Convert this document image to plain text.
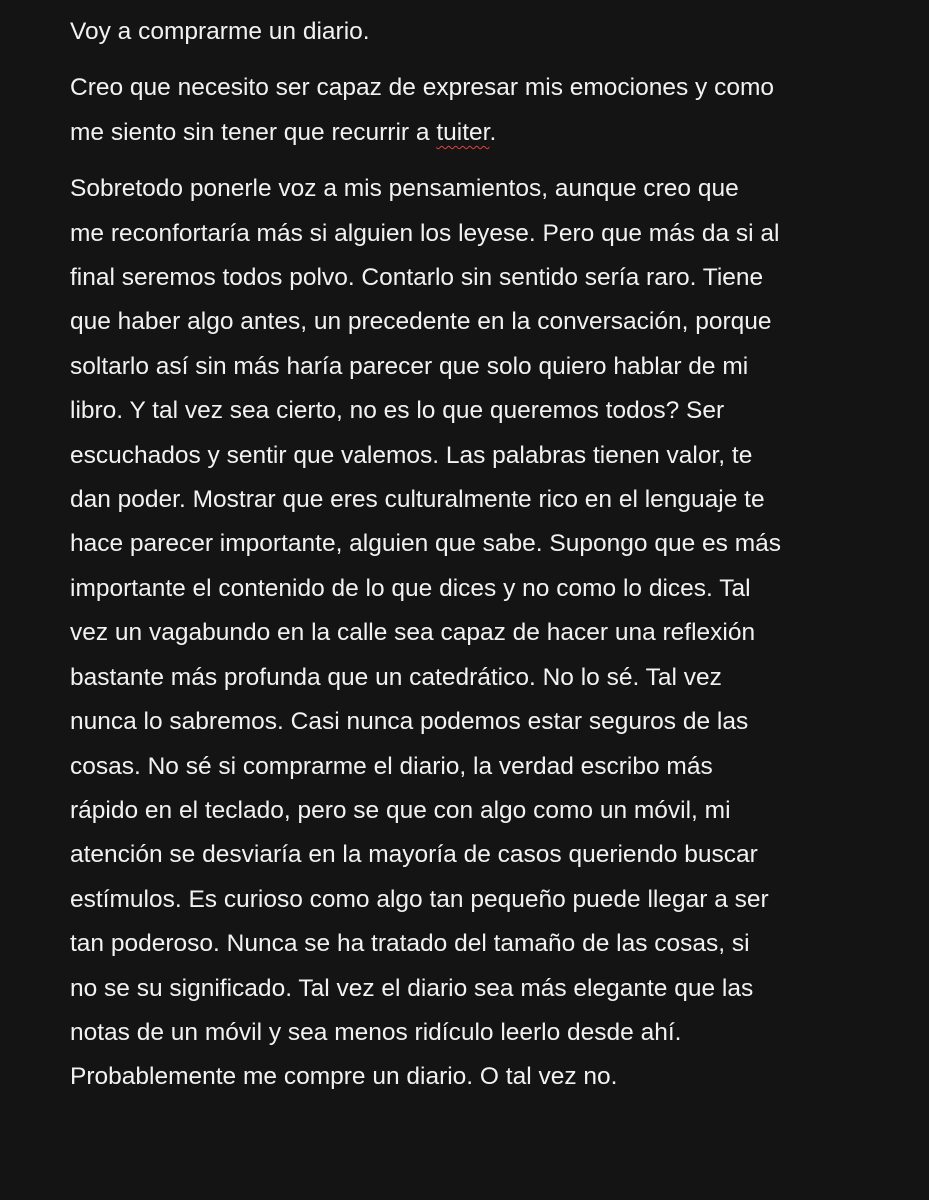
Voy a comprarme un diario.

Creo que necesito ser capaz de expresar mis emociones y como
me siento sin tener que recurrir a tuiter.

Sobretodo ponerle voz a mis pensamientos, aunque creo que
me reconfortaría más si alguien los leyese. Pero que más da si al
final seremos todos polvo. Contarlo sin sentido sería raro. Tiene
que haber algo antes, un precedente en la conversación, porque
soltarlo así sin más haría parecer que solo quiero hablar de mi
libro. Y tal vez sea cierto, no es lo que queremos todos? Ser
escuchados y sentir que valemos. Las palabras tienen valor, te
dan poder. Mostrar que eres culturalmente rico en el lenguaje te
hace parecer importante, alguien que sabe. Supongo que es más
importante el contenido de lo que dices y no como lo dices. Tal
vez un vagabundo en la calle sea capaz de hacer una reflexión
bastante más profunda que un catedrático. No lo sé. Tal vez
nunca lo sabremos. Casi nunca podemos estar seguros de las
cosas. No sé si comprarme el diario, la verdad escribo más
rápido en el teclado, pero se que con algo como un móvil, mi
atención se desviaría en la mayoría de casos queriendo buscar
estímulos. Es curioso como algo tan pequeño puede llegar a ser
tan poderoso. Nunca se ha tratado del tamaño de las cosas, si
no se su significado. Tal vez el diario sea más elegante que las
notas de un móvil y sea menos ridículo leerlo desde ahí.
Probablemente me compre un diario. O tal vez no.
